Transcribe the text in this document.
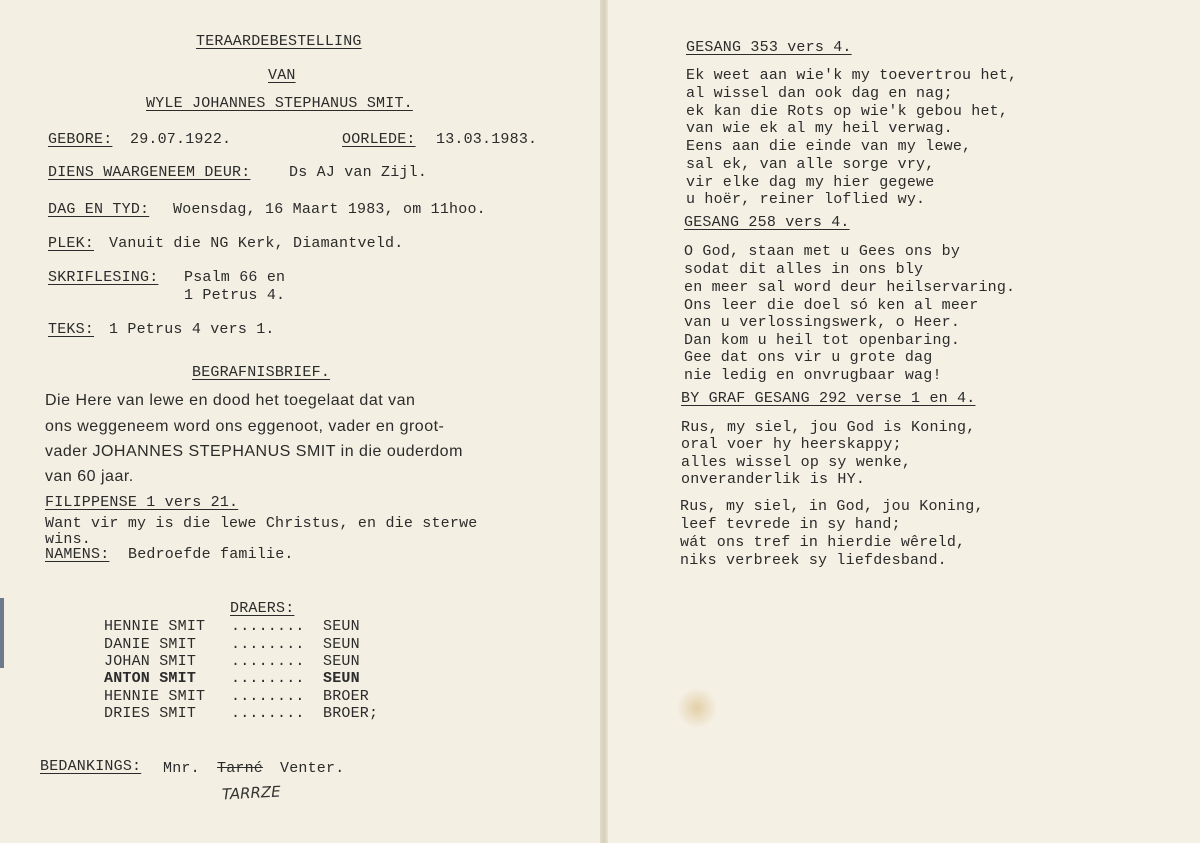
TERAARDEBESTELLING
VAN
WYLE JOHANNES STEPHANUS SMIT.
GEBORE: 29.07.1922.	OORLEDE: 13.03.1983.
DIENS WAARGENEEM DEUR:	Ds AJ van Zijl.
DAG EN TYD: Woensdag, 16 Maart 1983, om 11hoo.
PLEK: Vanuit die NG Kerk, Diamantveld.
SKRIFLESING: Psalm 66 en
1 Petrus 4.
TEKS: 1 Petrus 4 vers 1.
BEGRAFNISBRIEF.
Die Here van lewe en dood het toegelaat dat van
ons weggeneem word ons eggenoot, vader en groot-
vader JOHANNES STEPHANUS SMIT in die ouderdom
van 60 jaar.
FILIPPENSE 1 vers 21.
Want vir my is die lewe Christus, en die sterwe
wins.
NAMENS: Bedroefde familie.
DRAERS:
HENNIE SMIT ........ SEUN
DANIE SMIT ........ SEUN
JOHAN SMIT ........ SEUN
ANTON SMIT ........ SEUN
HENNIE SMIT ........ BROER
DRIES SMIT ........ BROER;
BEDANKINGS: Mnr. Tarné Venter.
TARRZE
GESANG 353 vers 4.
Ek weet aan wie'k my toevertrou het,
al wissel dan ook dag en nag;
ek kan die Rots op wie'k gebou het,
van wie ek al my heil verwag.
Eens aan die einde van my lewe,
sal ek, van alle sorge vry,
vir elke dag my hier gegewe
u hoër, reiner loflied wy.
GESANG 258 vers 4.
O God, staan met u Gees ons by
sodat dit alles in ons bly
en meer sal word deur heilservaring.
Ons leer die doel só ken al meer
van u verlossingswerk, o Heer.
Dan kom u heil tot openbaring.
Gee dat ons vir u grote dag
nie ledig en onvrugbaar wag!
BY GRAF GESANG 292 verse 1 en 4.
Rus, my siel, jou God is Koning,
oral voer hy heerskappy;
alles wissel op sy wenke,
onveranderlik is HY.
Rus, my siel, in God, jou Koning,
leef tevrede in sy hand;
wát ons tref in hierdie wêreld,
niks verbreek sy liefdesband.
